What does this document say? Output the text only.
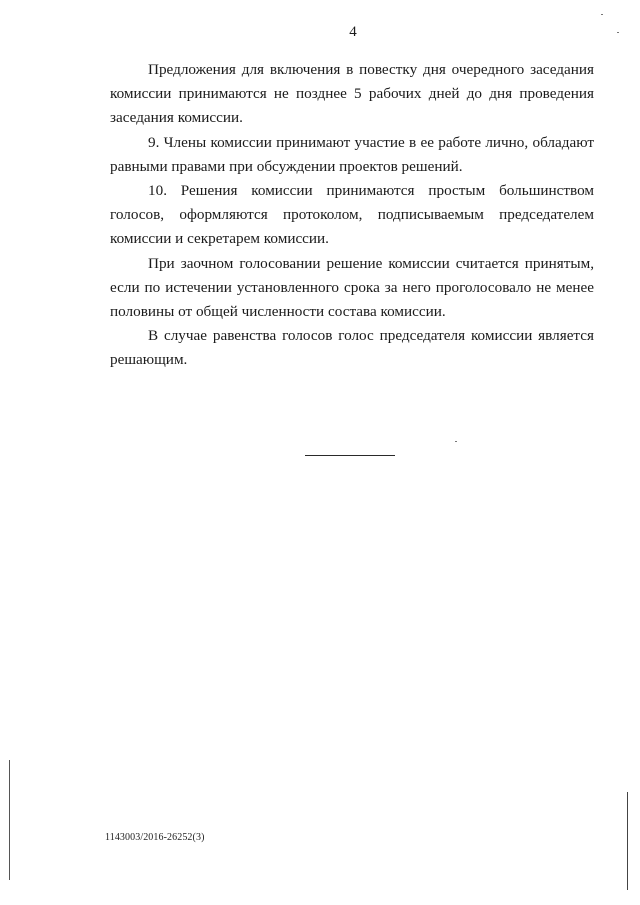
4

Предложения для включения в повестку дня очередного заседания комиссии принимаются не позднее 5 рабочих дней до дня проведения заседания комиссии.

9. Члены комиссии принимают участие в ее работе лично, обладают равными правами при обсуждении проектов решений.

10. Решения комиссии принимаются простым большинством голосов, оформляются протоколом, подписываемым председателем комиссии и секретарем комиссии.

При заочном голосовании решение комиссии считается принятым, если по истечении установленного срока за него проголосовало не менее половины от общей численности состава комиссии.

В случае равенства голосов голос председателя комиссии является решающим.

1143003/2016-26252(3)
